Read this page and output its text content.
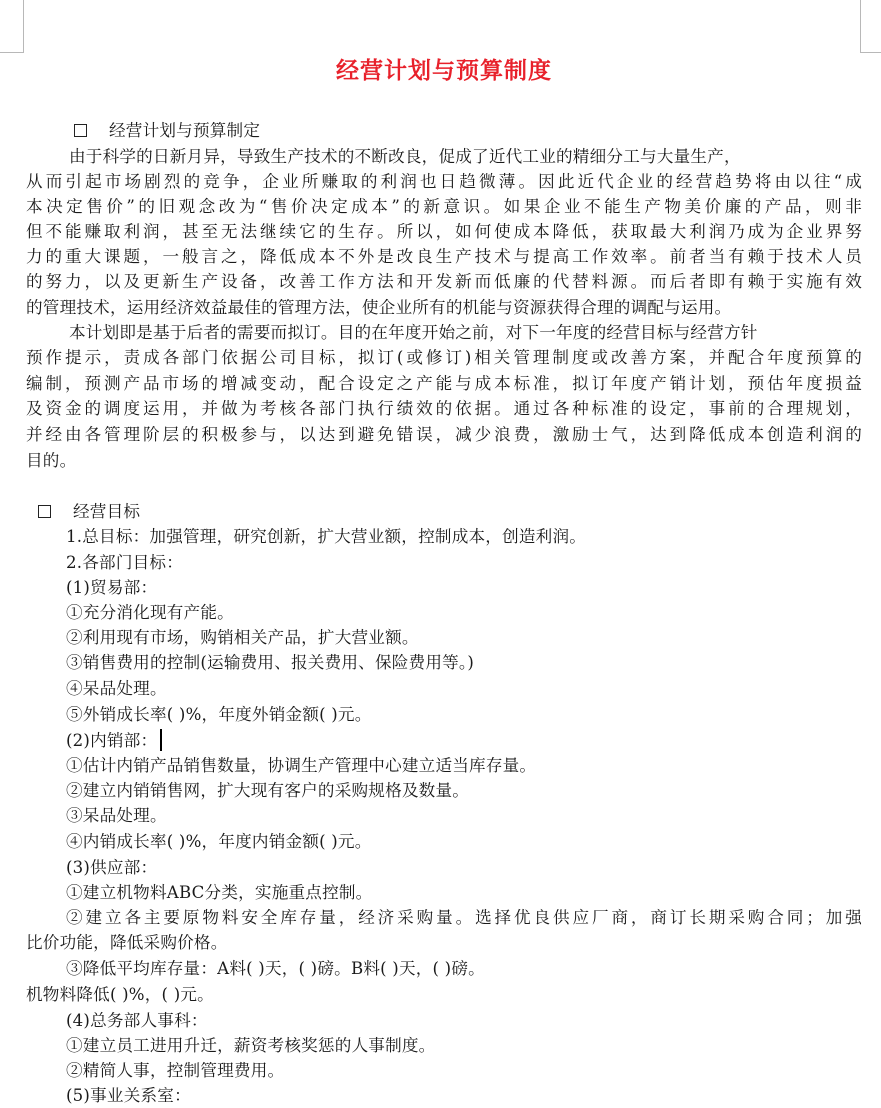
经营计划与预算制度
经营计划与预算制定
由于科学的日新月异，导致生产技术的不断改良，促成了近代工业的精细分工与大量生产，
从而引起市场剧烈的竞争，企业所赚取的利润也日趋微薄。因此近代企业的经营趋势将由以往“成
本决定售价”的旧观念改为“售价决定成本”的新意识。如果企业不能生产物美价廉的产品，则非
但不能赚取利润，甚至无法继续它的生存。所以，如何使成本降低，获取最大利润乃成为企业界努
力的重大课题，一般言之，降低成本不外是改良生产技术与提高工作效率。前者当有赖于技术人员
的努力，以及更新生产设备，改善工作方法和开发新而低廉的代替料源。而后者即有赖于实施有效
的管理技术，运用经济效益最佳的管理方法，使企业所有的机能与资源获得合理的调配与运用。
本计划即是基于后者的需要而拟订。目的在年度开始之前，对下一年度的经营目标与经营方针
预作提示，责成各部门依据公司目标，拟订(或修订)相关管理制度或改善方案，并配合年度预算的
编制，预测产品市场的增减变动，配合设定之产能与成本标准，拟订年度产销计划，预估年度损益
及资金的调度运用，并做为考核各部门执行绩效的依据。通过各种标准的设定，事前的合理规划，
并经由各管理阶层的积极参与，以达到避免错误，减少浪费，激励士气，达到降低成本创造利润的
目的。
经营目标
1.总目标：加强管理，研究创新，扩大营业额，控制成本，创造利润。
2.各部门目标：
(1)贸易部：
①充分消化现有产能。
②利用现有市场，购销相关产品，扩大营业额。
③销售费用的控制(运输费用、报关费用、保险费用等。)
④呆品处理。
⑤外销成长率( )%，年度外销金额( )元。
(2)内销部：
①估计内销产品销售数量，协调生产管理中心建立适当库存量。
②建立内销销售网，扩大现有客户的采购规格及数量。
③呆品处理。
④内销成长率( )%，年度内销金额( )元。
(3)供应部：
①建立机物料ABC分类，实施重点控制。
②建立各主要原物料安全库存量，经济采购量。选择优良供应厂商，商订长期采购合同；加强
比价功能，降低采购价格。
③降低平均库存量：A料( )天，( )磅。B料( )天，( )磅。
机物料降低( )%，( )元。
(4)总务部人事科：
①建立员工进用升迁，薪资考核奖惩的人事制度。
②精简人事，控制管理费用。
(5)事业关系室：
